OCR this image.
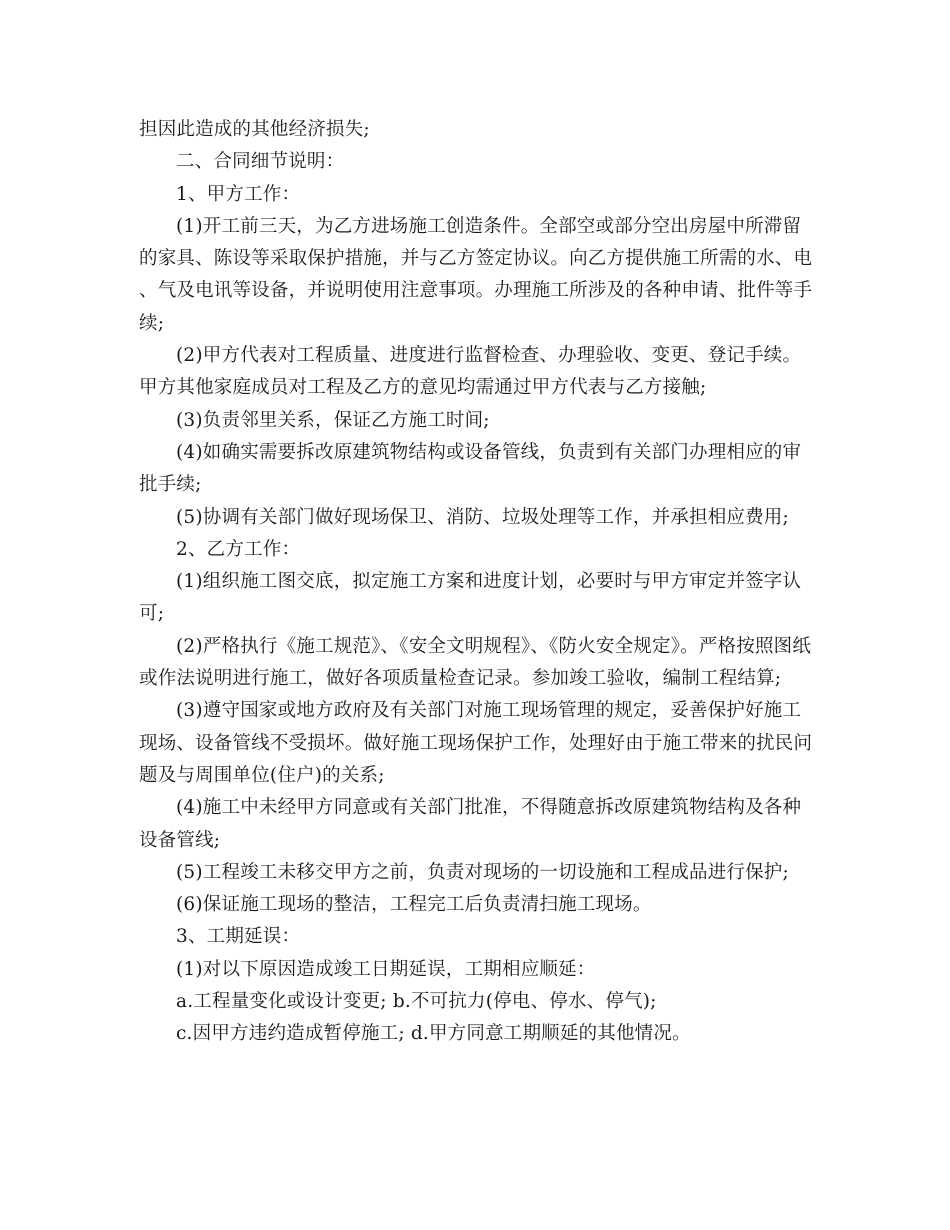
担因此造成的其他经济损失;

二、合同细节说明：

1、甲方工作：

(1)开工前三天，为乙方进场施工创造条件。全部空或部分空出房屋中所滞留的家具、陈设等采取保护措施，并与乙方签定协议。向乙方提供施工所需的水、电、气及电讯等设备，并说明使用注意事项。办理施工所涉及的各种申请、批件等手续;

(2)甲方代表对工程质量、进度进行监督检查、办理验收、变更、登记手续。甲方其他家庭成员对工程及乙方的意见均需通过甲方代表与乙方接触;

(3)负责邻里关系，保证乙方施工时间;

(4)如确实需要拆改原建筑物结构或设备管线，负责到有关部门办理相应的审批手续;

(5)协调有关部门做好现场保卫、消防、垃圾处理等工作，并承担相应费用;

2、乙方工作：

(1)组织施工图交底，拟定施工方案和进度计划，必要时与甲方审定并签字认可;

(2)严格执行《施工规范》、《安全文明规程》、《防火安全规定》。严格按照图纸或作法说明进行施工，做好各项质量检查记录。参加竣工验收，编制工程结算;

(3)遵守国家或地方政府及有关部门对施工现场管理的规定，妥善保护好施工现场、设备管线不受损坏。做好施工现场保护工作，处理好由于施工带来的扰民问题及与周围单位(住户)的关系;

(4)施工中未经甲方同意或有关部门批准，不得随意拆改原建筑物结构及各种设备管线;

(5)工程竣工未移交甲方之前，负责对现场的一切设施和工程成品进行保护;

(6)保证施工现场的整洁，工程完工后负责清扫施工现场。

3、工期延误：

(1)对以下原因造成竣工日期延误，工期相应顺延：

a.工程量变化或设计变更; b.不可抗力(停电、停水、停气);

c.因甲方违约造成暂停施工; d.甲方同意工期顺延的其他情况。
